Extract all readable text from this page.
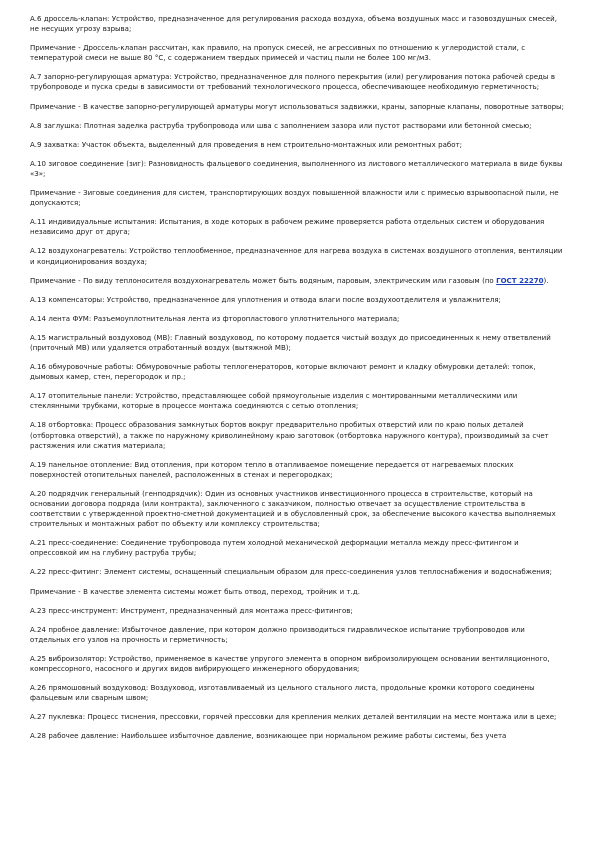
А.6 дроссель-клапан: Устройство, предназначенное для регулирования расхода воздуха, объема воздушных масс и газовоздушных смесей, не несущих угрозу взрыва;

Примечание - Дроссель-клапан рассчитан, как правило, на пропуск смесей, не агрессивных по отношению к углеродистой стали, с температурой смеси не выше 80 °С, с содержанием твердых примесей и частиц пыли не более 100 мг/м3.

А.7 запорно-регулирующая арматура: Устройство, предназначенное для полного перекрытия (или) регулирования потока рабочей среды в трубопроводе и пуска среды в зависимости от требований технологического процесса, обеспечивающее необходимую герметичность;

Примечание - В качестве запорно-регулирующей арматуры могут использоваться задвижки, краны, запорные клапаны, поворотные затворы;

А.8 заглушка: Плотная заделка раструба трубопровода или шва с заполнением зазора или пустот растворами или бетонной смесью;

А.9 захватка: Участок объекта, выделенный для проведения в нем строительно-монтажных или ремонтных работ;

А.10 зиговое соединение (зиг): Разновидность фальцевого соединения, выполненного из листового металлического материала в виде буквы «З»;

Примечание - Зиговые соединения для систем, транспортирующих воздух повышенной влажности или с примесью взрывоопасной пыли, не допускаются;

А.11 индивидуальные испытания: Испытания, в ходе которых в рабочем режиме проверяется работа отдельных систем и оборудования независимо друг от друга;

А.12 воздухонагреватель: Устройство теплообменное, предназначенное для нагрева воздуха в системах воздушного отопления, вентиляции и кондиционирования воздуха;

Примечание - По виду теплоносителя воздухонагреватель может быть водяным, паровым, электрическим или газовым (по ГОСТ 22270).

А.13 компенсаторы: Устройство, предназначенное для уплотнения и отвода влаги после воздухоотделителя и увлажнителя;

А.14 лента ФУМ: Разъемоуплотнительная лента из фторопластового уплотнительного материала;

А.15 магистральный воздуховод (МВ): Главный воздуховод, по которому подается чистый воздух до присоединенных к нему ответвлений (приточный МВ) или удаляется отработанный воздух (вытяжной МВ);

А.16 обмуровочные работы: Обмуровочные работы теплогенераторов, которые включают ремонт и кладку обмуровки деталей: топок, дымовых камер, стен, перегородок и пр.;

А.17 отопительные панели: Устройство, представляющее собой прямоугольные изделия с монтированными металлическими или стеклянными трубками, которые в процессе монтажа соединяются с сетью отопления;

А.18 отбортовка: Процесс образования замкнутых бортов вокруг предварительно пробитых отверстий или по краю полых деталей (отбортовка отверстий), а также по наружному криволинейному краю заготовок (отбортовка наружного контура), производимый за счет растяжения или сжатия материала;

А.19 панельное отопление: Вид отопления, при котором тепло в отапливаемое помещение передается от нагреваемых плоских поверхностей отопительных панелей, расположенных в стенах и перегородках;

А.20 подрядчик генеральный (генподрядчик): Один из основных участников инвестиционного процесса в строительстве, который на основании договора подряда (или контракта), заключенного с заказчиком, полностью отвечает за осуществление строительства в соответствии с утвержденной проектно-сметной документацией и в обусловленный срок, за обеспечение высокого качества выполняемых строительных и монтажных работ по объекту или комплексу строительства;

А.21 пресс-соединение: Соединение трубопровода путем холодной механической деформации металла между пресс-фитингом и опрессовкой им на глубину раструба трубы;

А.22 пресс-фитинг: Элемент системы, оснащенный специальным образом для пресс-соединения узлов теплоснабжения и водоснабжения;

Примечание - В качестве элемента системы может быть отвод, переход, тройник и т.д.

А.23 пресс-инструмент: Инструмент, предназначенный для монтажа пресс-фитингов;

А.24 пробное давление: Избыточное давление, при котором должно производиться гидравлическое испытание трубопроводов или отдельных его узлов на прочность и герметичность;

А.25 виброизолятор: Устройство, применяемое в качестве упругого элемента в опорном виброизолирующем основании вентиляционного, компрессорного, насосного и других видов вибрирующего инженерного оборудования;

А.26 прямошовный воздуховод: Воздуховод, изготавливаемый из цельного стального листа, продольные кромки которого соединены фальцевым или сварным швом;

А.27 пуклевка: Процесс тиснения, прессовки, горячей прессовки для крепления мелких деталей вентиляции на месте монтажа или в цехе;

А.28 рабочее давление: Наибольшее избыточное давление, возникающее при нормальном режиме работы системы, без учета
